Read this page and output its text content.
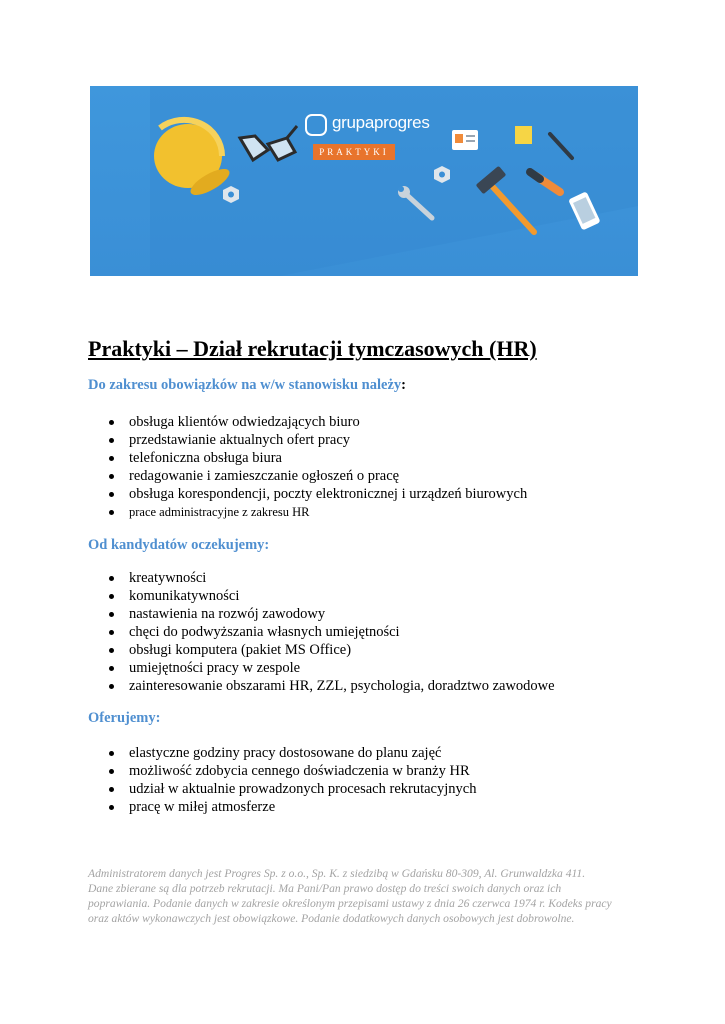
grupaprogres
PRAKTYKI
Praktyki – Dział rekrutacji tymczasowych (HR)
Do zakresu obowiązków na w/w stanowisku należy:
obsługa klientów odwiedzających biuro
przedstawianie aktualnych ofert pracy
telefoniczna obsługa biura
redagowanie i zamieszczanie ogłoszeń o pracę
obsługa korespondencji, poczty elektronicznej i urządzeń biurowych
prace administracyjne z zakresu HR
Od kandydatów oczekujemy:
kreatywności
komunikatywności
nastawienia na rozwój zawodowy
chęci do podwyższania własnych umiejętności
obsługi komputera (pakiet MS Office)
umiejętności pracy w zespole
zainteresowanie obszarami HR, ZZL, psychologia, doradztwo zawodowe
Oferujemy:
elastyczne godziny pracy dostosowane do planu zajęć
możliwość zdobycia cennego doświadczenia w branży HR
udział w aktualnie prowadzonych procesach rekrutacyjnych
pracę w miłej atmosferze

Administratorem danych jest Progres Sp. z o.o., Sp. K. z siedzibą w Gdańsku 80-309, Al. Grunwaldzka 411.
Dane zbierane są dla potrzeb rekrutacji. Ma Pani/Pan prawo dostęp do treści swoich danych oraz ich
poprawiania. Podanie danych w zakresie określonym przepisami ustawy z dnia 26 czerwca 1974 r. Kodeks pracy
oraz aktów wykonawczych jest obowiązkowe. Podanie dodatkowych danych osobowych jest dobrowolne.
